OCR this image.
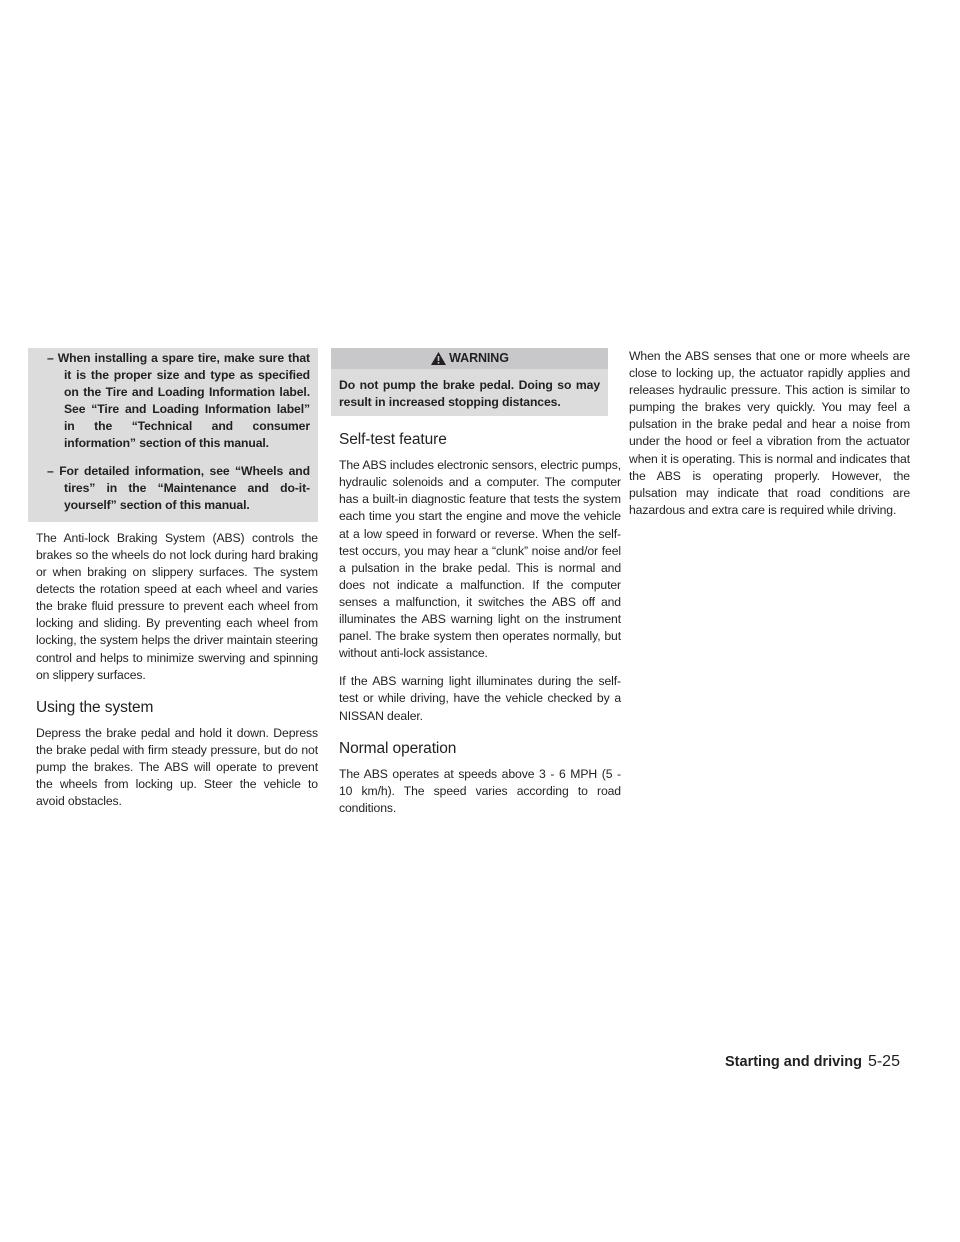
– When installing a spare tire, make sure that it is the proper size and type as specified on the Tire and Loading Information label. See “Tire and Loading Information label” in the “Technical and consumer information” section of this manual.

– For detailed information, see “Wheels and tires” in the “Maintenance and do-it-yourself” section of this manual.

The Anti-lock Braking System (ABS) controls the brakes so the wheels do not lock during hard braking or when braking on slippery surfaces. The system detects the rotation speed at each wheel and varies the brake fluid pressure to prevent each wheel from locking and sliding. By preventing each wheel from locking, the system helps the driver maintain steering control and helps to minimize swerving and spinning on slippery surfaces.

Using the system

Depress the brake pedal and hold it down. Depress the brake pedal with firm steady pressure, but do not pump the brakes. The ABS will operate to prevent the wheels from locking up. Steer the vehicle to avoid obstacles.

WARNING
Do not pump the brake pedal. Doing so may result in increased stopping distances.
Self-test feature

The ABS includes electronic sensors, electric pumps, hydraulic solenoids and a computer. The computer has a built-in diagnostic feature that tests the system each time you start the engine and move the vehicle at a low speed in forward or reverse. When the self-test occurs, you may hear a “clunk” noise and/or feel a pulsation in the brake pedal. This is normal and does not indicate a malfunction. If the computer senses a malfunction, it switches the ABS off and illuminates the ABS warning light on the instrument panel. The brake system then operates normally, but without anti-lock assistance.

If the ABS warning light illuminates during the self-test or while driving, have the vehicle checked by a NISSAN dealer.

Normal operation

The ABS operates at speeds above 3 - 6 MPH (5 - 10 km/h). The speed varies according to road conditions.

When the ABS senses that one or more wheels are close to locking up, the actuator rapidly applies and releases hydraulic pressure. This action is similar to pumping the brakes very quickly. You may feel a pulsation in the brake pedal and hear a noise from under the hood or feel a vibration from the actuator when it is operating. This is normal and indicates that the ABS is operating properly. However, the pulsation may indicate that road conditions are hazardous and extra care is required while driving.

Starting and driving 5-25
